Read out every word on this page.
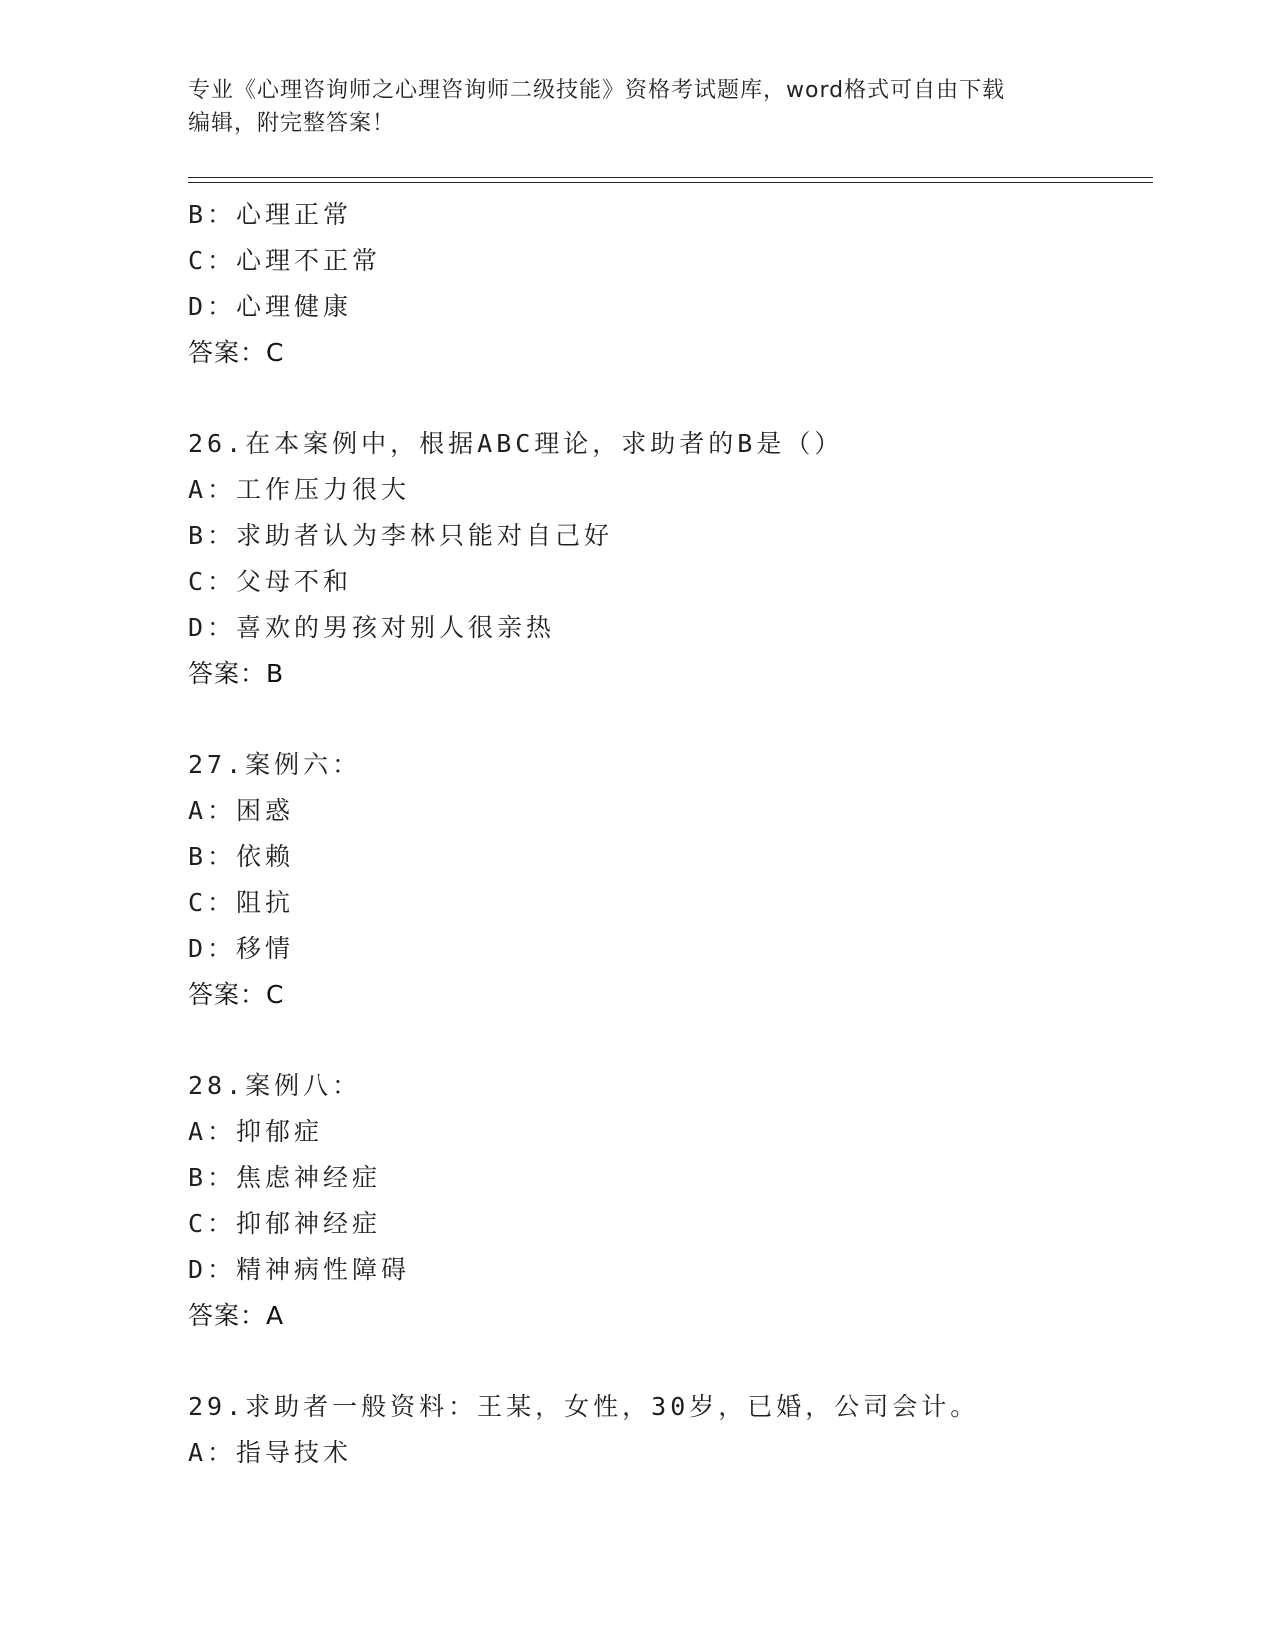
专业《心理咨询师之心理咨询师二级技能》资格考试题库，word格式可自由下载
编辑，附完整答案！
B：心理正常
C：心理不正常
D：心理健康
答案：C
26.在本案例中，根据ABC理论，求助者的B是（）
A：工作压力很大
B：求助者认为李林只能对自己好
C：父母不和
D：喜欢的男孩对别人很亲热
答案：B
27.案例六：
A：困惑
B：依赖
C：阻抗
D：移情
答案：C
28.案例八：
A：抑郁症
B：焦虑神经症
C：抑郁神经症
D：精神病性障碍
答案：A
29.求助者一般资料：王某，女性，30岁，已婚，公司会计。
A：指导技术
